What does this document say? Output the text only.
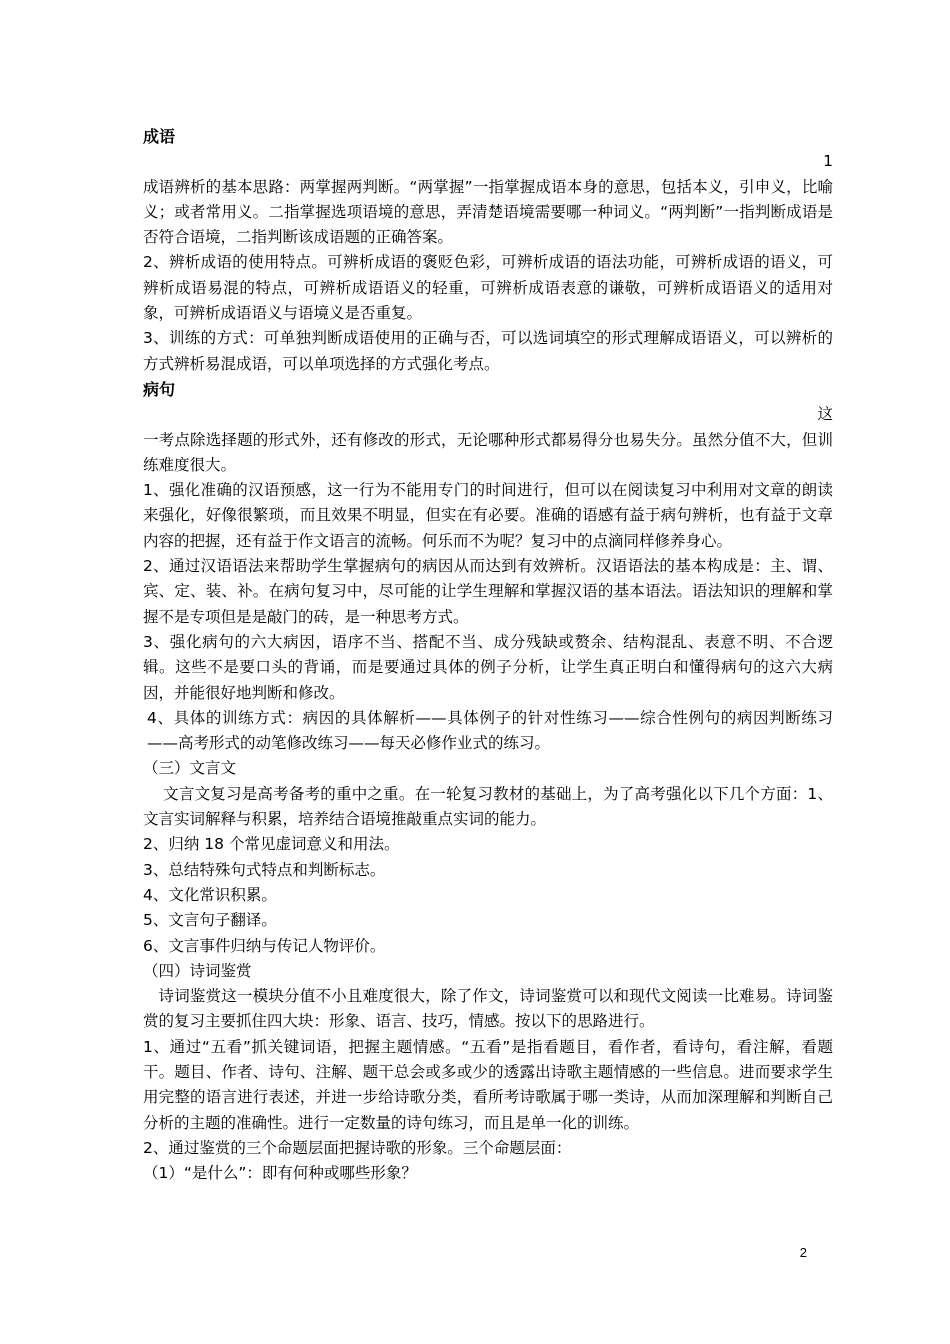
成语

1

成语辨析的基本思路：两掌握两判断。“两掌握”一指掌握成语本身的意思，包括本义，引申义，比喻义；或者常用义。二指掌握选项语境的意思，弄清楚语境需要哪一种词义。“两判断”一指判断成语是否符合语境，二指判断该成语题的正确答案。

2、辨析成语的使用特点。可辨析成语的褒贬色彩，可辨析成语的语法功能，可辨析成语的语义，可辨析成语易混的特点，可辨析成语语义的轻重，可辨析成语表意的谦敬，可辨析成语语义的适用对象，可辨析成语语义与语境义是否重复。

3、训练的方式：可单独判断成语使用的正确与否，可以选词填空的形式理解成语语义，可以辨析的方式辨析易混成语，可以单项选择的方式强化考点。

病句

这

一考点除选择题的形式外，还有修改的形式，无论哪种形式都易得分也易失分。虽然分值不大，但训练难度很大。

1、强化准确的汉语预感，这一行为不能用专门的时间进行，但可以在阅读复习中利用对文章的朗读来强化，好像很繁琐，而且效果不明显，但实在有必要。准确的语感有益于病句辨析，也有益于文章内容的把握，还有益于作文语言的流畅。何乐而不为呢？复习中的点滴同样修养身心。

2、通过汉语语法来帮助学生掌握病句的病因从而达到有效辨析。汉语语法的基本构成是：主、谓、宾、定、装、补。在病句复习中，尽可能的让学生理解和掌握汉语的基本语法。语法知识的理解和掌握不是专项但是是敲门的砖，是一种思考方式。

3、强化病句的六大病因，语序不当、搭配不当、成分残缺或赘余、结构混乱、表意不明、不合逻辑。这些不是要口头的背诵，而是要通过具体的例子分析，让学生真正明白和懂得病句的这六大病因，并能很好地判断和修改。

4、具体的训练方式：病因的具体解析——具体例子的针对性练习——综合性例句的病因判断练习——高考形式的动笔修改练习——每天必修作业式的练习。

（三）文言文

文言文复习是高考备考的重中之重。在一轮复习教材的基础上，为了高考强化以下几个方面：1、文言实词解释与积累，培养结合语境推敲重点实词的能力。

2、归纳 18 个常见虚词意义和用法。

3、总结特殊句式特点和判断标志。

4、文化常识积累。

5、文言句子翻译。

6、文言事件归纳与传记人物评价。

（四）诗词鉴赏

诗词鉴赏这一模块分值不小且难度很大，除了作文，诗词鉴赏可以和现代文阅读一比难易。诗词鉴赏的复习主要抓住四大块：形象、语言、技巧，情感。按以下的思路进行。

1、通过“五看”抓关键词语，把握主题情感。“五看”是指看题目，看作者，看诗句，看注解，看题干。题目、作者、诗句、注解、题干总会或多或少的透露出诗歌主题情感的一些信息。进而要求学生用完整的语言进行表述，并进一步给诗歌分类，看所考诗歌属于哪一类诗，从而加深理解和判断自己分析的主题的准确性。进行一定数量的诗句练习，而且是单一化的训练。

2、通过鉴赏的三个命题层面把握诗歌的形象。三个命题层面：

（1）“是什么”：即有何种或哪些形象？

2
